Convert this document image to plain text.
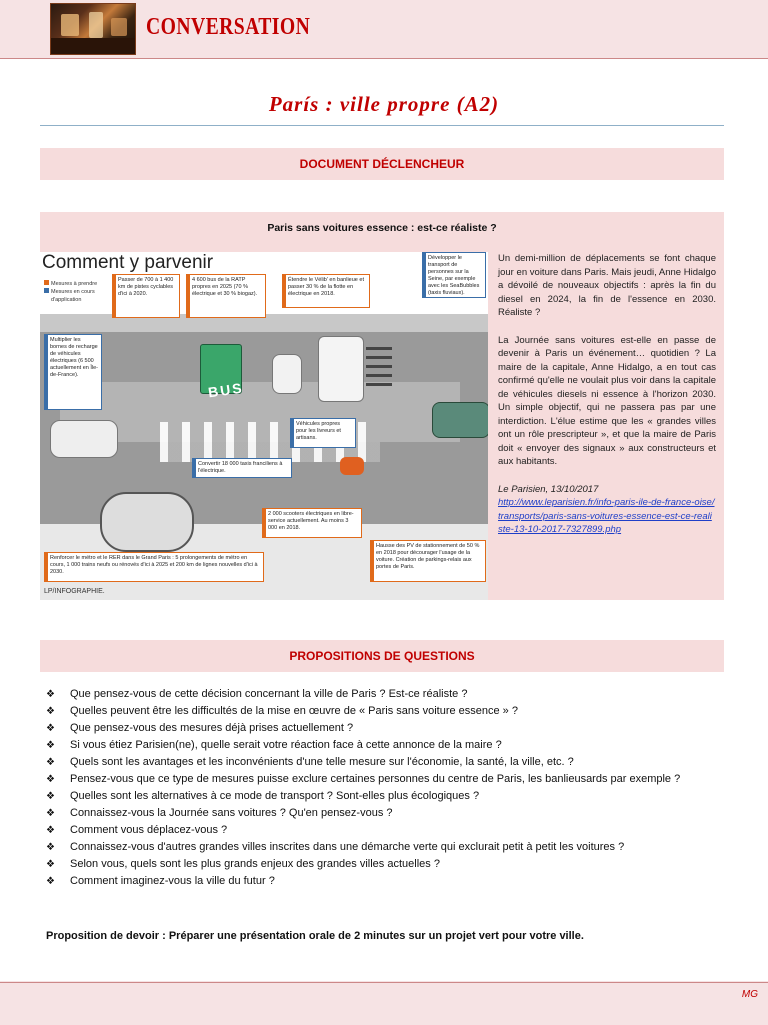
CONVERSATION
París : ville propre (A2)
DOCUMENT DÉCLENCHEUR
Paris sans voitures essence : est-ce réaliste ?
BUS
Comment y parvenir
Mesures à prendre
Mesures en cours d'application
Passer de 700 à 1 400 km de pistes cyclables d'ici à 2020.
4 600 bus de la RATP propres en 2025 (70 % électrique et 30 % biogaz).
Étendre le Vélib' en banlieue et passer 30 % de la flotte en électrique en 2018.
Développer le transport de personnes sur la Seine, par exemple avec les SeaBubbles (taxis fluviaux).
Multiplier les bornes de recharge de véhicules électriques (6 500 actuellement en Île-de-France).
Véhicules propres pour les livreurs et artisans.
Convertir 18 000 taxis franciliens à l'électrique.
2 000 scooters électriques en libre-service actuellement. Au moins 3 000 en 2018.
Renforcer le métro et le RER dans le Grand Paris : 5 prolongements de métro en cours, 1 000 trains neufs ou rénovés d'ici à 2025 et 200 km de lignes nouvelles d'ici à 2030.
Hausse des PV de stationnement de 50 % en 2018 pour décourager l'usage de la voiture. Création de parkings-relais aux portes de Paris.
LP/INFOGRAPHIE.

Un demi-million de déplacements se font chaque jour en voiture dans Paris. Mais jeudi, Anne Hidalgo a dévoilé de nouveaux objectifs : après la fin du diesel en 2024, la fin de l'essence en 2030. Réaliste ?

La Journée sans voitures est-elle en passe de devenir à Paris un événement… quotidien ? La maire de la capitale, Anne Hidalgo, a en tout cas confirmé qu'elle ne voulait plus voir dans la capitale de véhicules diesels ni essence à l'horizon 2030. Un simple objectif, qui ne passera pas par une interdiction. L'élue estime que les « grandes villes ont un rôle prescripteur », et que la maire de Paris doit « envoyer des signaux » aux constructeurs et aux habitants.

Le Parisien, 13/10/2017
http://www.leparisien.fr/info-paris-ile-de-france-oise/transports/paris-sans-voitures-essence-est-ce-realiste-13-10-2017-7327899.php
PROPOSITIONS DE QUESTIONS
❖ Que pensez-vous de cette décision concernant la ville de Paris ? Est-ce réaliste ?
❖ Quelles peuvent être les difficultés de la mise en œuvre de « Paris sans voiture essence » ?
❖ Que pensez-vous des mesures déjà prises actuellement ?
❖ Si vous étiez Parisien(ne), quelle serait votre réaction face à cette annonce de la maire ?
❖ Quels sont les avantages et les inconvénients d'une telle mesure sur l'économie, la santé, la ville, etc. ?
❖ Pensez-vous que ce type de mesures puisse exclure certaines personnes du centre de Paris, les banlieusards par exemple ?
❖ Quelles sont les alternatives à ce mode de transport ? Sont-elles plus écologiques ?
❖ Connaissez-vous la Journée sans voitures ? Qu'en pensez-vous ?
❖ Comment vous déplacez-vous ?
❖ Connaissez-vous d'autres grandes villes inscrites dans une démarche verte qui exclurait petit à petit les voitures ?
❖ Selon vous, quels sont les plus grands enjeux des grandes villes actuelles ?
❖ Comment imaginez-vous la ville du futur ?
Proposition de devoir : Préparer une présentation orale de 2 minutes sur un projet vert pour votre ville.
MG
